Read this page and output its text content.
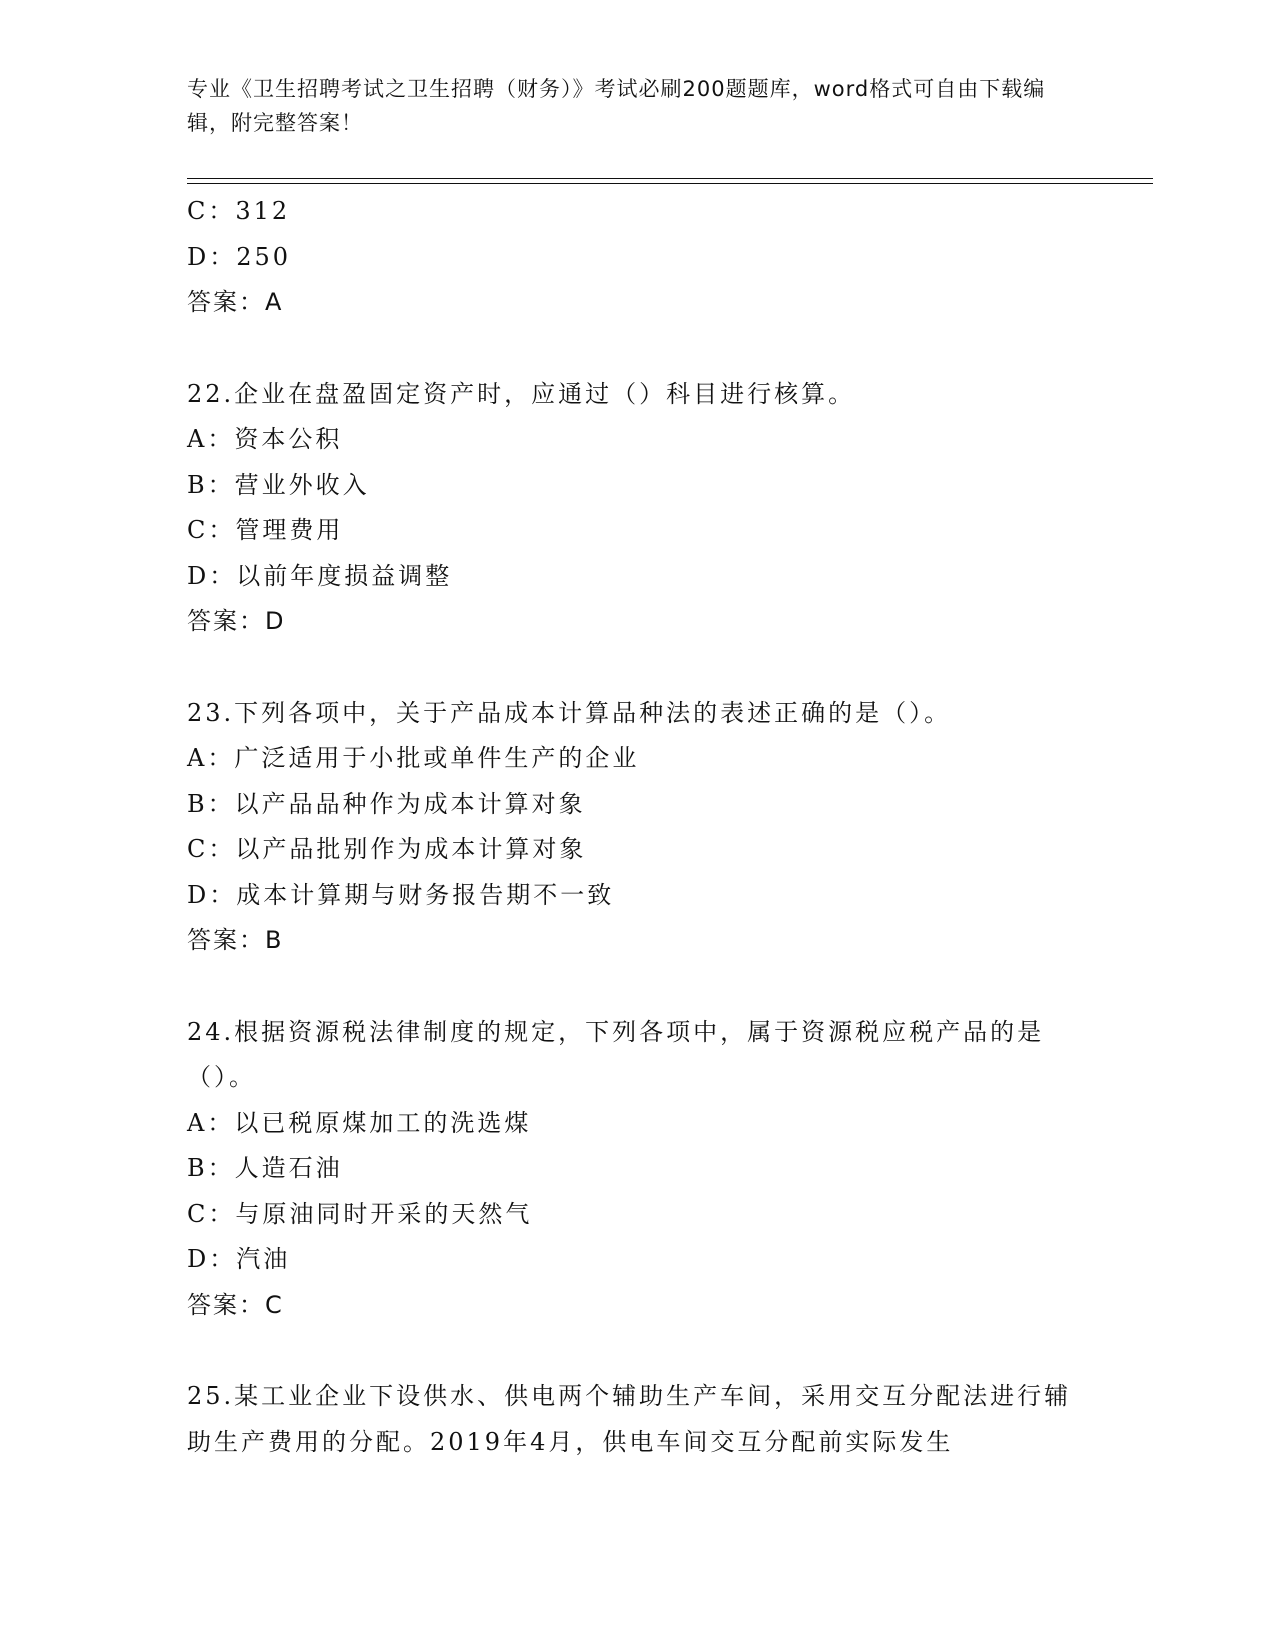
专业《卫生招聘考试之卫生招聘（财务）》考试必刷200题题库，word格式可自由下载编辑，附完整答案！
C：312
D：250
答案：A
22.企业在盘盈固定资产时，应通过（）科目进行核算。
A：资本公积
B：营业外收入
C：管理费用
D：以前年度损益调整
答案：D
23.下列各项中，关于产品成本计算品种法的表述正确的是（）。
A：广泛适用于小批或单件生产的企业
B：以产品品种作为成本计算对象
C：以产品批别作为成本计算对象
D：成本计算期与财务报告期不一致
答案：B
24.根据资源税法律制度的规定，下列各项中，属于资源税应税产品的是（）。
A：以已税原煤加工的洗选煤
B：人造石油
C：与原油同时开采的天然气
D：汽油
答案：C
25.某工业企业下设供水、供电两个辅助生产车间，采用交互分配法进行辅助生产费用的分配。2019年4月，供电车间交互分配前实际发生
